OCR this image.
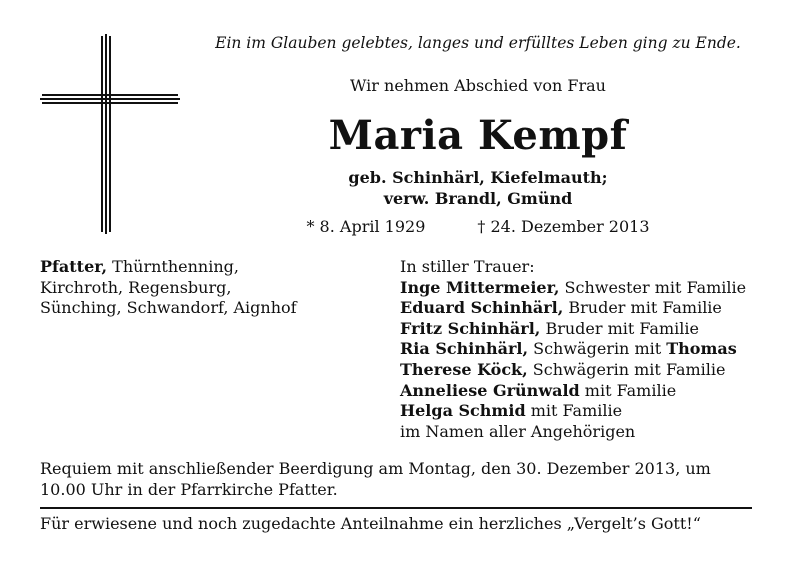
Ein im Glauben gelebtes, langes und erfülltes Leben ging zu Ende.
Wir nehmen Abschied von Frau
Maria Kempf
geb. Schinhärl, Kiefelmauth;
verw. Brandl, Gmünd
* 8. April 1929	† 24. Dezember 2013
Pfatter, Thürnthenning,
Kirchroth, Regensburg,
Sünching, Schwandorf, Aignhof
In stiller Trauer:
Inge Mittermeier, Schwester mit Familie
Eduard Schinhärl, Bruder mit Familie
Fritz Schinhärl, Bruder mit Familie
Ria Schinhärl, Schwägerin mit Thomas
Therese Köck, Schwägerin mit Familie
Anneliese Grünwald mit Familie
Helga Schmid mit Familie
im Namen aller Angehörigen
Requiem mit anschließender Beerdigung am Montag, den 30. Dezember 2013, um 10.00 Uhr in der Pfarrkirche Pfatter.
Für erwiesene und noch zugedachte Anteilnahme ein herzliches „Vergelt’s Gott!“
